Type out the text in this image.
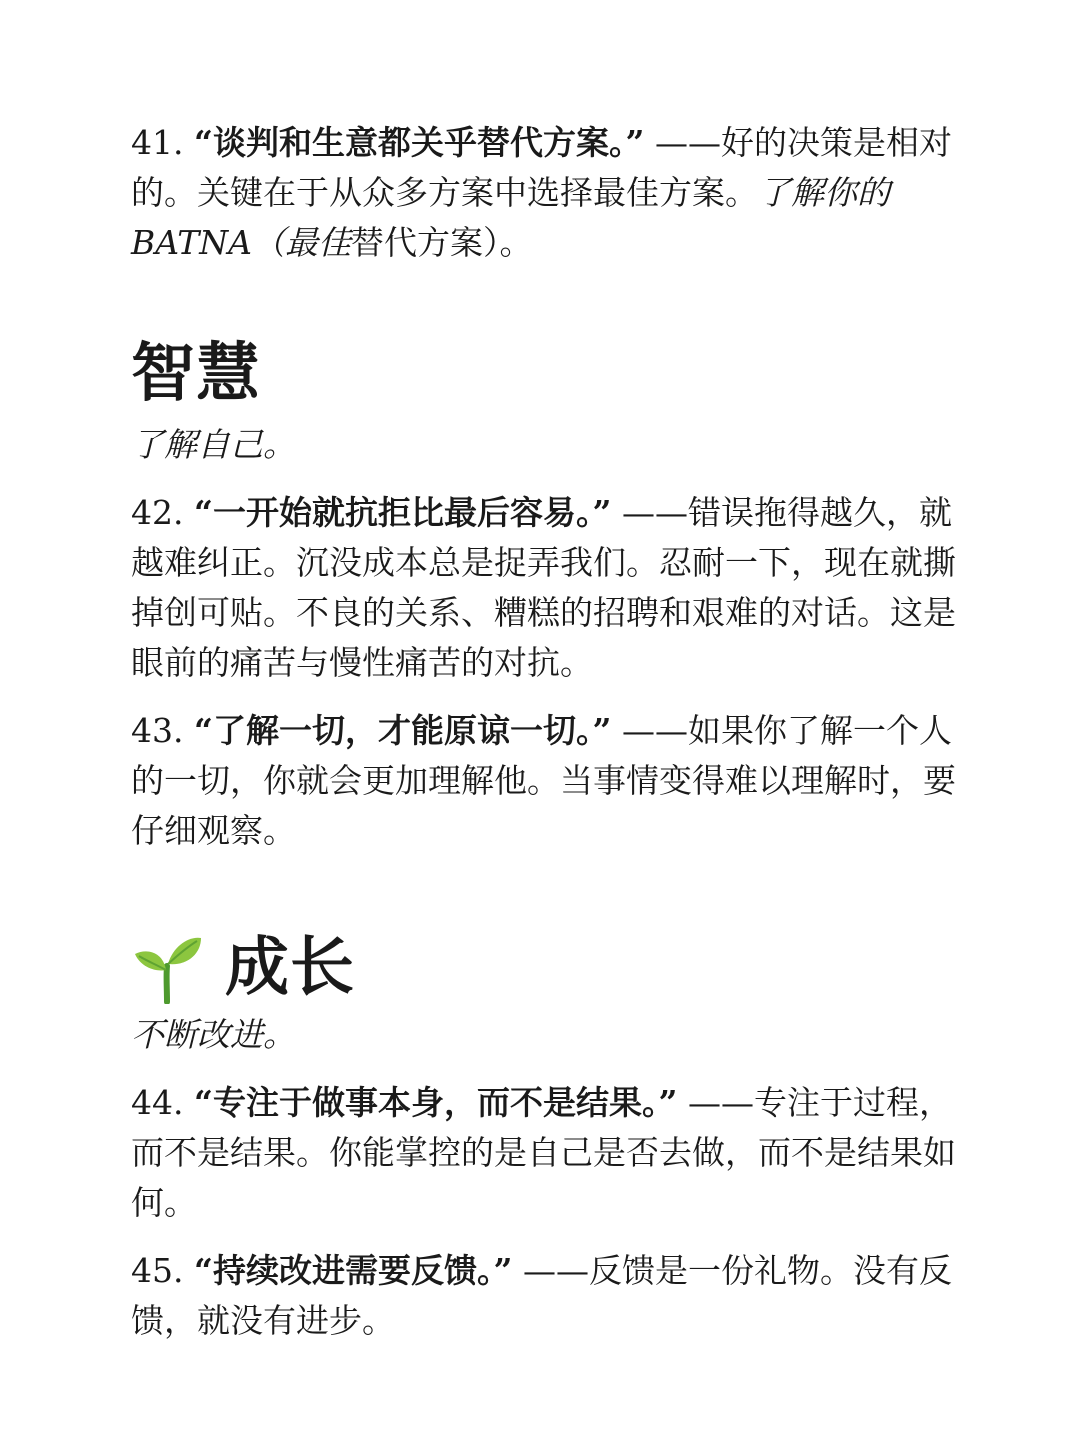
41. “谈判和生意都关乎替代方案。” ——好的决策是相对的。关键在于从众多方案中选择最佳方案。了解你的BATNA（最佳替代方案）。

智慧

了解自己。

42. “一开始就抗拒比最后容易。” ——错误拖得越久，就越难纠正。沉没成本总是捉弄我们。忍耐一下，现在就撕掉创可贴。不良的关系、糟糕的招聘和艰难的对话。这是眼前的痛苦与慢性痛苦的对抗。

43. “了解一切，才能原谅一切。” ——如果你了解一个人的一切，你就会更加理解他。当事情变得难以理解时，要仔细观察。

成长

不断改进。

44. “专注于做事本身，而不是结果。” ——专注于过程，而不是结果。你能掌控的是自己是否去做，而不是结果如何。

45. “持续改进需要反馈。” ——反馈是一份礼物。没有反馈，就没有进步。
